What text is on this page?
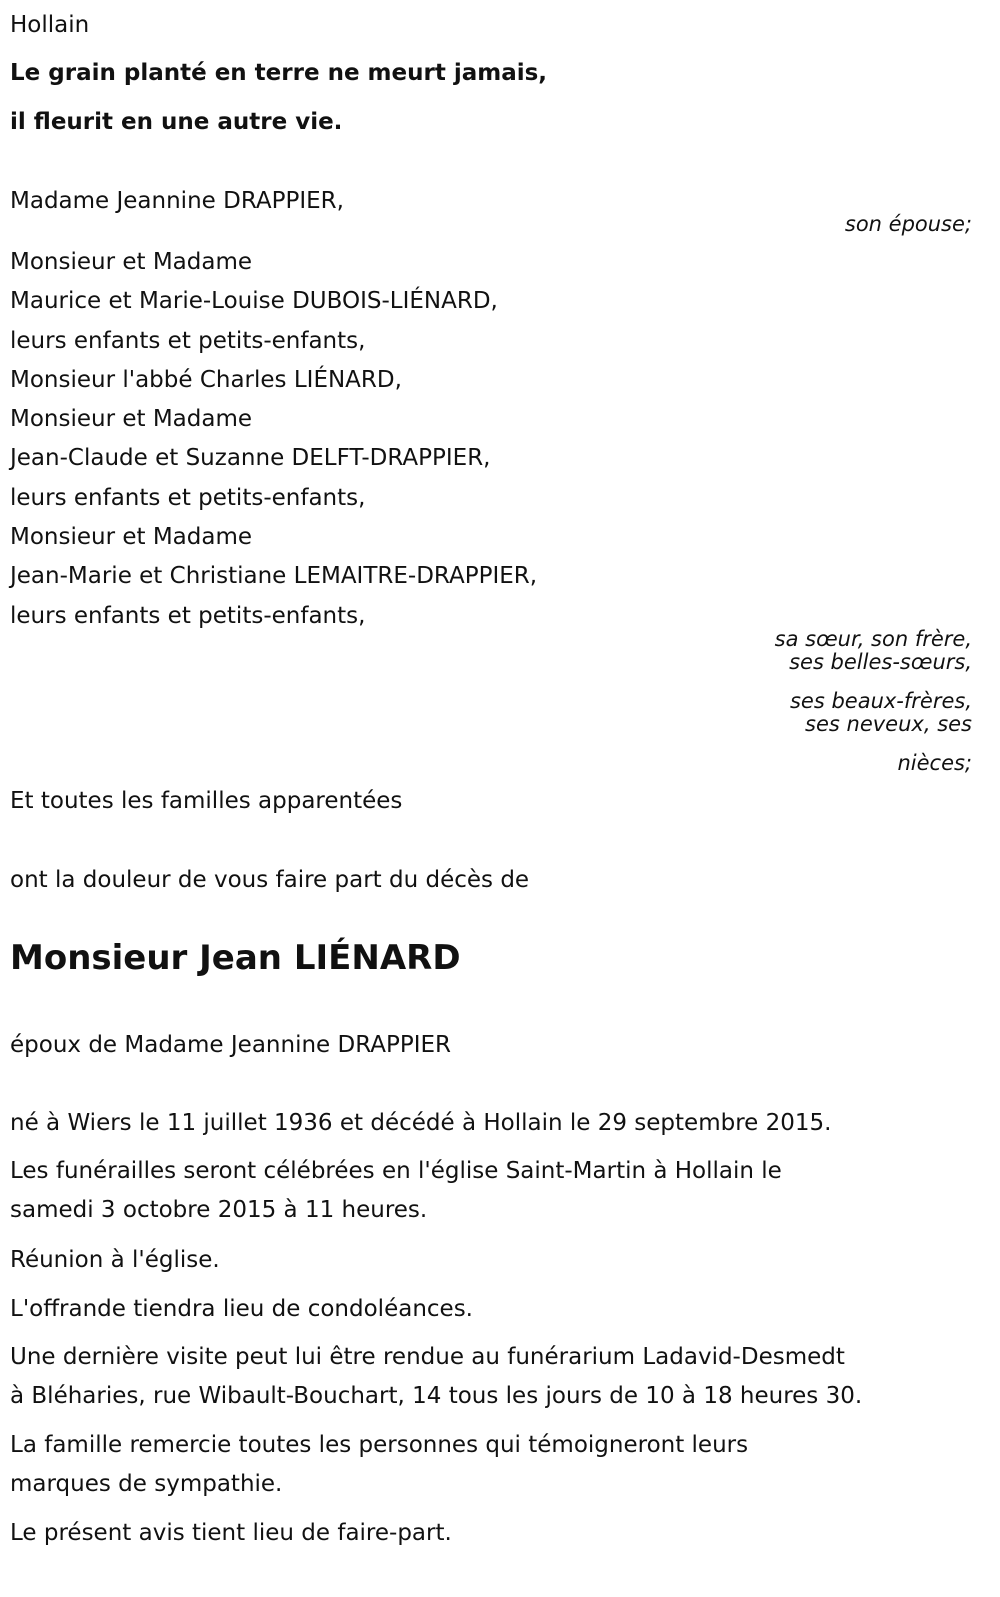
Hollain
Le grain planté en terre ne meurt jamais,
il fleurit en une autre vie.
Madame Jeannine DRAPPIER,
son épouse;
Monsieur et Madame
Maurice et Marie-Louise DUBOIS-LIÉNARD,
leurs enfants et petits-enfants,
Monsieur l'abbé Charles LIÉNARD,
Monsieur et Madame
Jean-Claude et Suzanne DELFT-DRAPPIER,
leurs enfants et petits-enfants,
Monsieur et Madame
Jean-Marie et Christiane LEMAITRE-DRAPPIER,
leurs enfants et petits-enfants,
sa sœur, son frère,
ses belles-sœurs,
ses beaux-frères,
ses neveux, ses
nièces;
Et toutes les familles apparentées
ont la douleur de vous faire part du décès de
Monsieur Jean LIÉNARD
époux de Madame Jeannine DRAPPIER
né à Wiers le 11 juillet 1936 et décédé à Hollain le 29 septembre 2015.
Les funérailles seront célébrées en l'église Saint-Martin à Hollain le
samedi 3 octobre 2015 à 11 heures.
Réunion à l'église.
L'offrande tiendra lieu de condoléances.
Une dernière visite peut lui être rendue au funérarium Ladavid-Desmedt
à Bléharies, rue Wibault-Bouchart, 14 tous les jours de 10 à 18 heures 30.
La famille remercie toutes les personnes qui témoigneront leurs
marques de sympathie.
Le présent avis tient lieu de faire-part.
